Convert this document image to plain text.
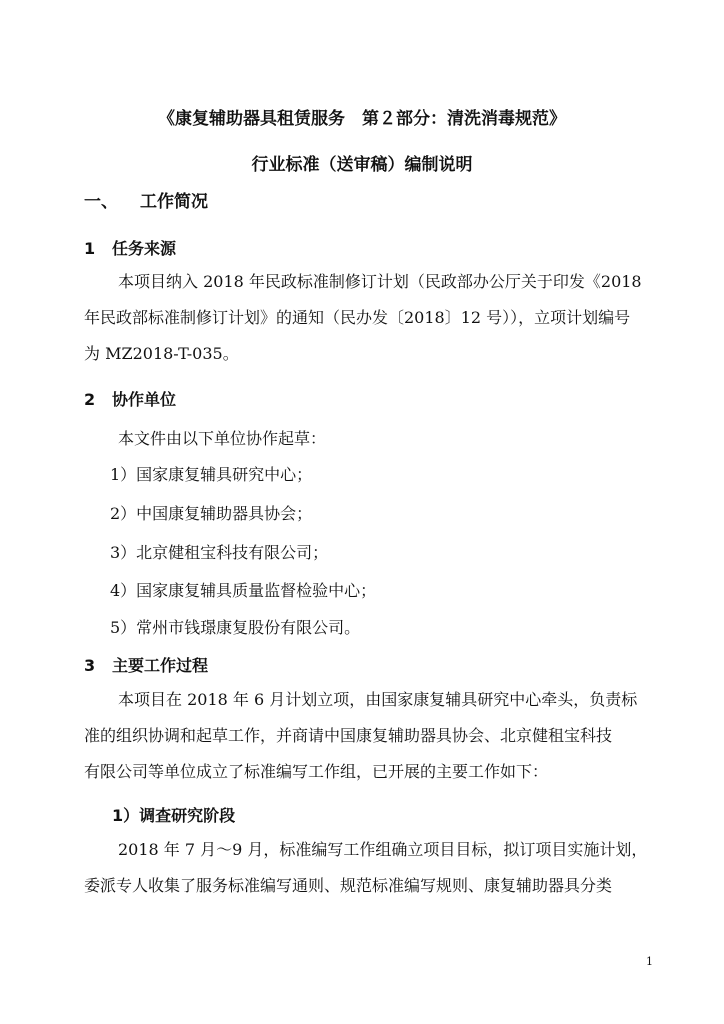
《康复辅助器具租赁服务　第２部分：清洗消毒规范》
行业标准（送审稿）编制说明
一、 工作简况
1 任务来源
本项目纳入 2018 年民政标准制修订计划（民政部办公厅关于印发《2018
年民政部标准制修订计划》的通知（民办发〔2018〕12 号）），立项计划编号
为 MZ2018-T-035。
2 协作单位
本文件由以下单位协作起草：
1）国家康复辅具研究中心；
2）中国康复辅助器具协会；
3）北京健租宝科技有限公司；
4）国家康复辅具质量监督检验中心；
5）常州市钱璟康复股份有限公司。
3 主要工作过程
本项目在 2018 年 6 月计划立项，由国家康复辅具研究中心牵头，负责标
准的组织协调和起草工作，并商请中国康复辅助器具协会、北京健租宝科技
有限公司等单位成立了标准编写工作组，已开展的主要工作如下：
1）调查研究阶段
2018 年 7 月～9 月，标准编写工作组确立项目目标，拟订项目实施计划，
委派专人收集了服务标准编写通则、规范标准编写规则、康复辅助器具分类
1
